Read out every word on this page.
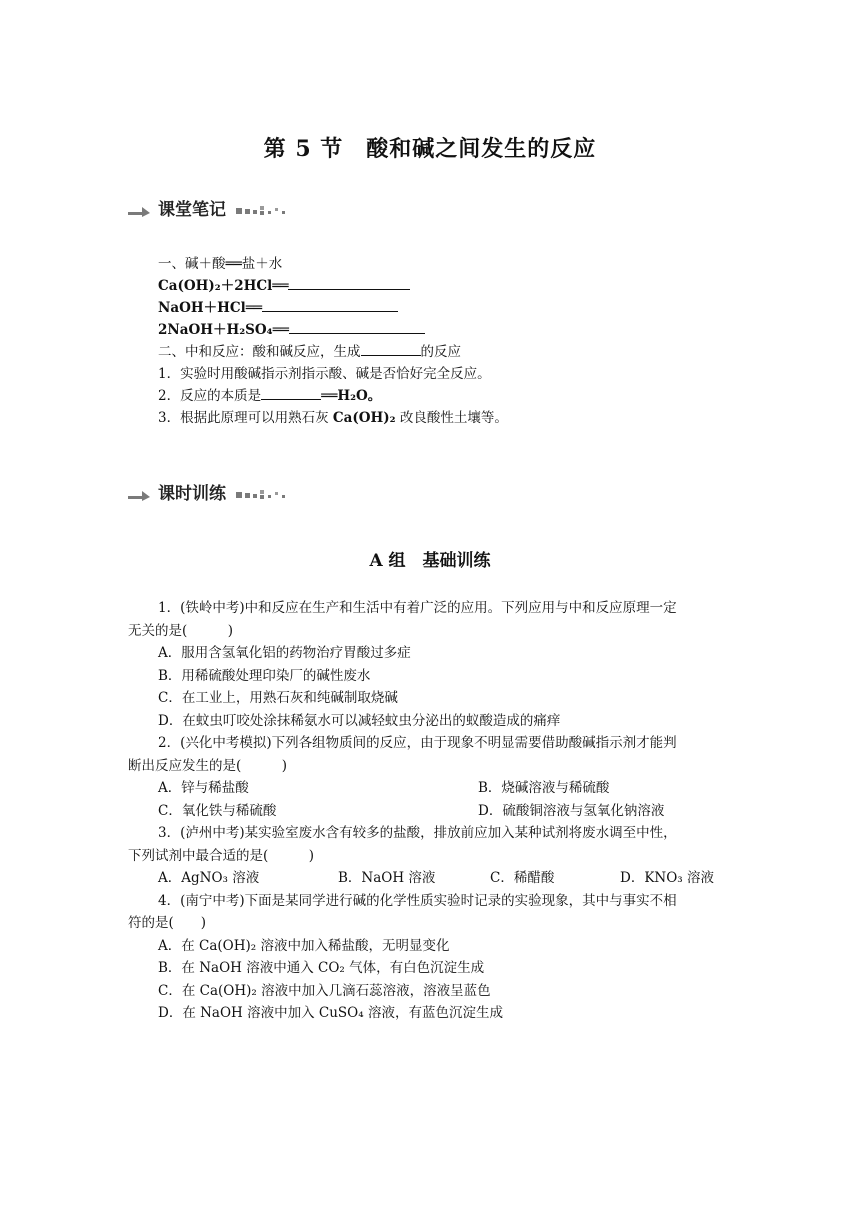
第 5 节　酸和碱之间发生的反应
课堂笔记
一、碱＋酸══盐＋水
Ca(OH)₂＋2HCl══
NaOH＋HCl══
2NaOH＋H₂SO₄══
二、中和反应：酸和碱反应，生成	的反应
1．实验时用酸碱指示剂指示酸、碱是否恰好完全反应。
2．反应的本质是	══H₂O。
3．根据此原理可以用熟石灰 Ca(OH)₂ 改良酸性土壤等。
课时训练
A 组　基础训练
1．(铁岭中考)中和反应在生产和生活中有着广泛的应用。下列应用与中和反应原理一定
无关的是(　　　)
A．服用含氢氧化铝的药物治疗胃酸过多症
B．用稀硫酸处理印染厂的碱性废水
C．在工业上，用熟石灰和纯碱制取烧碱
D．在蚊虫叮咬处涂抹稀氨水可以减轻蚊虫分泌出的蚁酸造成的痛痒
2．(兴化中考模拟)下列各组物质间的反应，由于现象不明显需要借助酸碱指示剂才能判
断出反应发生的是(　　　)
A．锌与稀盐酸	B．烧碱溶液与稀硫酸
C．氧化铁与稀硫酸	D．硫酸铜溶液与氢氧化钠溶液
3．(泸州中考)某实验室废水含有较多的盐酸，排放前应加入某种试剂将废水调至中性，
下列试剂中最合适的是(　　　)
A．AgNO₃ 溶液	B．NaOH 溶液	C．稀醋酸	D．KNO₃ 溶液
4．(南宁中考)下面是某同学进行碱的化学性质实验时记录的实验现象，其中与事实不相
符的是(　　)
A．在 Ca(OH)₂ 溶液中加入稀盐酸，无明显变化
B．在 NaOH 溶液中通入 CO₂ 气体，有白色沉淀生成
C．在 Ca(OH)₂ 溶液中加入几滴石蕊溶液，溶液呈蓝色
D．在 NaOH 溶液中加入 CuSO₄ 溶液，有蓝色沉淀生成
